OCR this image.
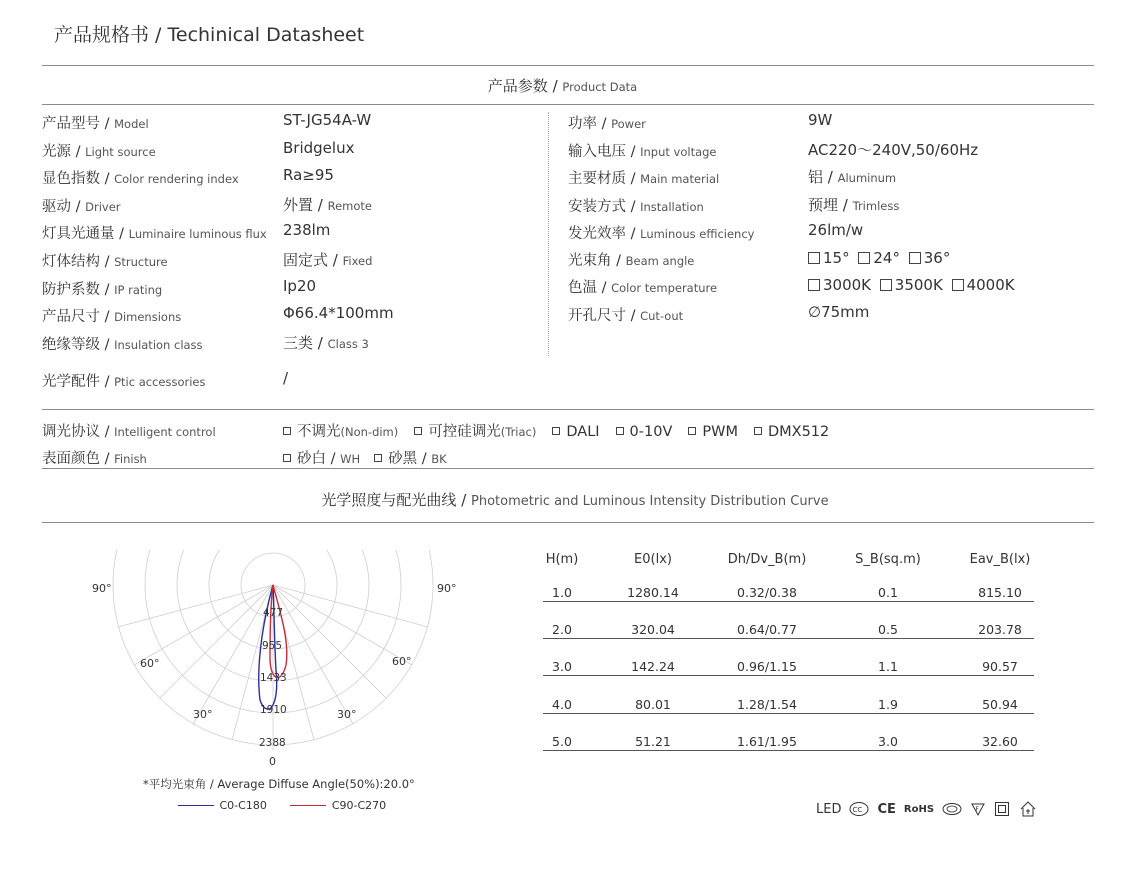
产品规格书 / Techinical Datasheet
产品参数 / Product Data
产品型号 / Model	ST-JG54A-W
光源 / Light source	Bridgelux
显色指数 / Color rendering index	Ra≥95
驱动 / Driver	外置 / Remote
灯具光通量 / Luminaire luminous flux 238lm
灯体结构 / Structure	固定式 / Fixed
防护系数 / IP rating	Ip20
产品尺寸 / Dimensions	Φ66.4*100mm
绝缘等级 / Insulation class	三类 / Class 3
功率 / Power	9W
输入电压 / Input voltage	AC220～240V,50/60Hz
主要材质 / Main material	铝 / Aluminum
安装方式 / Installation	预埋 / Trimless
发光效率 / Luminous efficiency	26lm/w
光束角 / Beam angle	15° 24° 36°
色温 / Color temperature	3000K 3500K 4000K
开孔尺寸 / Cut-out	∅75mm
光学配件 / Ptic accessories	/
调光协议 / Intelligent control	不调光(Non-dim) 可控硅调光(Triac) DALI 0-10V PWM DMX512
表面颜色 / Finish	砂白 / WH 砂黑 / BK
光学照度与配光曲线 / Photometric and Luminous Intensity Distribution Curve
90°	90°
60°	60°
30°	30°
0
477
955
1433
1910
2388
*平均光束角 / Average Diffuse Angle(50%):20.0°
C0-C180	C90-C270
H(m)	E0(lx)	Dh/Dv_B(m)	S_B(sq.m)	Eav_B(lx)
1.0	1280.14	0.32/0.38	0.1	815.10
2.0	320.04	0.64/0.77	0.5	203.78
3.0	142.24	0.96/1.15	1.1	90.57
4.0	80.01	1.28/1.54	1.9	50.94
5.0	51.21	1.61/1.95	3.0	32.60
LED CC CE RoHS	F
